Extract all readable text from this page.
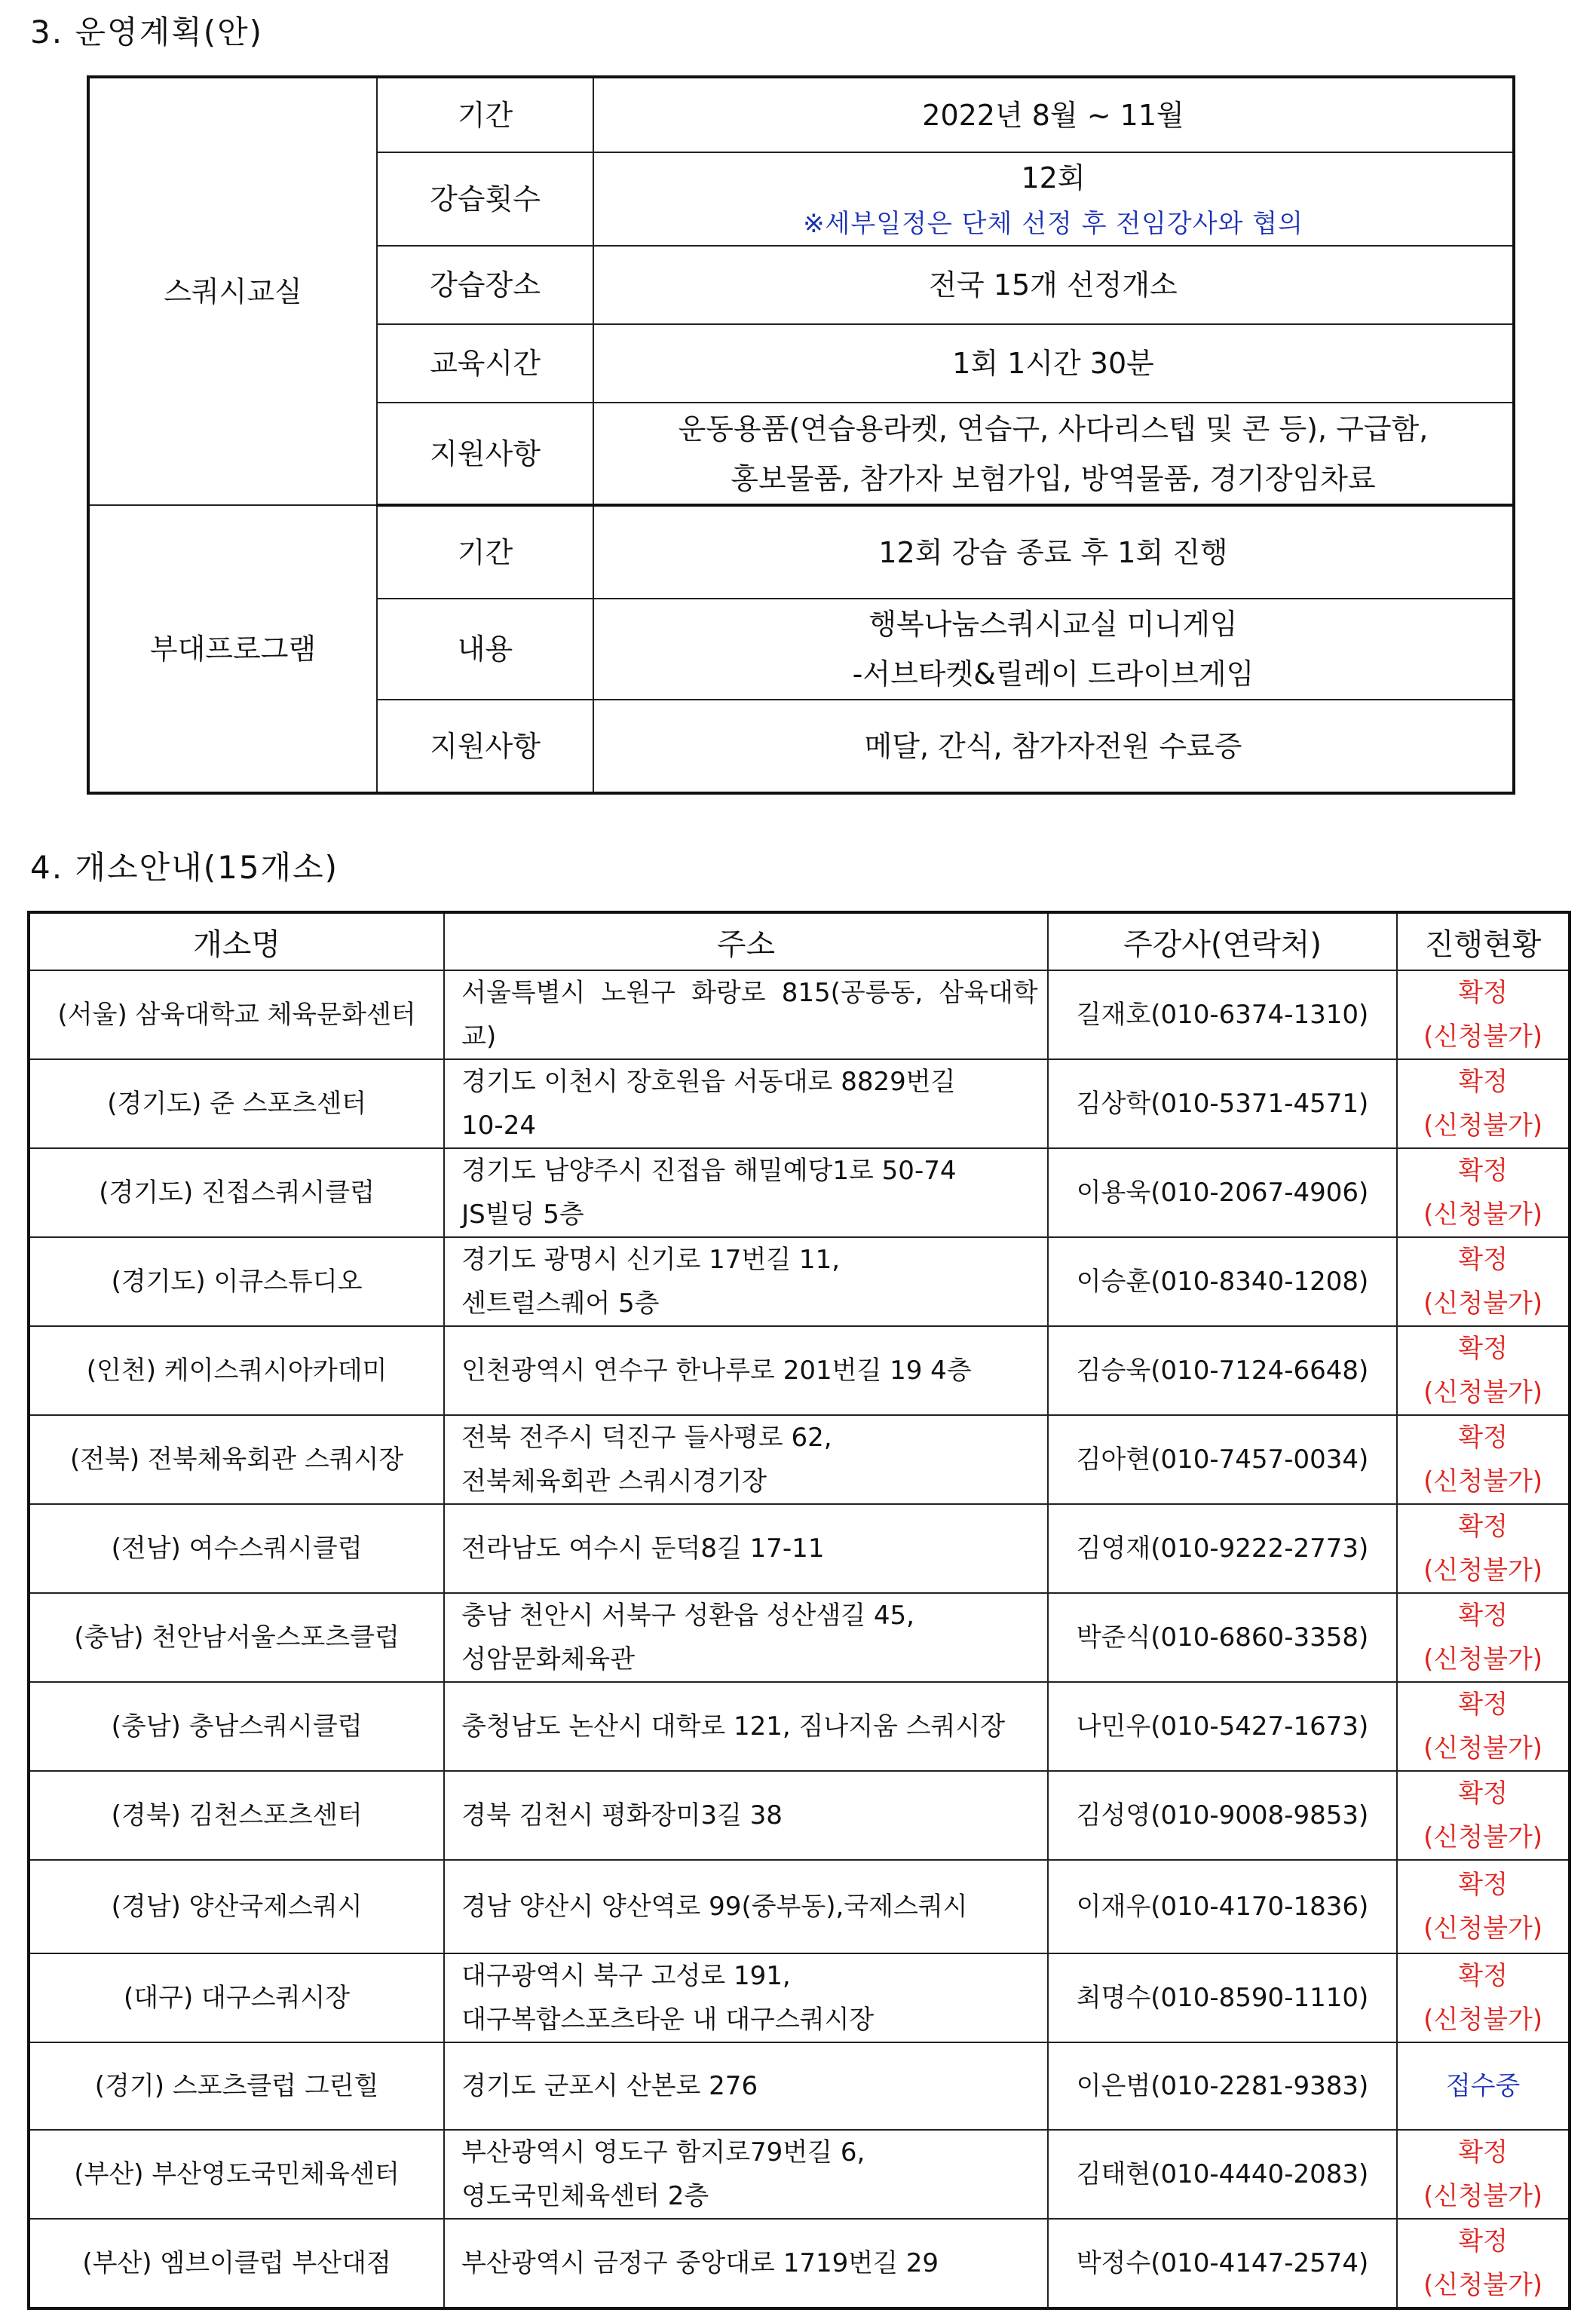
3. 운영계획(안)
스쿼시교실	기간	2022년 8월 ~ 11월

	강습횟수	12회
※세부일정은 단체 선정 후 전임강사와 협의

	강습장소	전국 15개 선정개소

	교육시간	1회 1시간 30분

	지원사항	운동용품(연습용라켓, 연습구, 사다리스텝 및 콘 등), 구급함,
홍보물품, 참가자 보험가입, 방역물품, 경기장임차료

부대프로그램	기간	12회 강습 종료 후 1회 진행

	내용	행복나눔스쿼시교실 미니게임
-서브타켓&릴레이 드라이브게임

	지원사항	메달, 간식, 참가자전원 수료증
4. 개소안내(15개소)
개소명	주소	주강사(연락처)	진행현황
(서울) 삼육대학교 체육문화센터	서울특별시 노원구 화랑로 815(공릉동, 삼육대학교)	길재호(010-6374-1310)	확정
(신청불가)

(경기도) 준 스포츠센터	경기도 이천시 장호원읍 서동대로 8829번길
10-24	김상학(010-5371-4571)	확정
(신청불가)

(경기도) 진접스쿼시클럽	경기도 남양주시 진접읍 해밀예당1로 50-74
JS빌딩 5층	이용욱(010-2067-4906)	확정
(신청불가)

(경기도) 이큐스튜디오	경기도 광명시 신기로 17번길 11,
센트럴스퀘어 5층	이승훈(010-8340-1208)	확정
(신청불가)

(인천) 케이스쿼시아카데미	인천광역시 연수구 한나루로 201번길 19 4층	김승욱(010-7124-6648)	확정
(신청불가)

(전북) 전북체육회관 스쿼시장	전북 전주시 덕진구 들사평로 62,
전북체육회관 스쿼시경기장	김아현(010-7457-0034)	확정
(신청불가)

(전남) 여수스쿼시클럽	전라남도 여수시 둔덕8길 17-11	김영재(010-9222-2773)	확정
(신청불가)

(충남) 천안남서울스포츠클럽	충남 천안시 서북구 성환읍 성산샘길 45,
성암문화체육관	박준식(010-6860-3358)	확정
(신청불가)

(충남) 충남스쿼시클럽	충청남도 논산시 대학로 121, 짐나지움 스쿼시장	나민우(010-5427-1673)	확정
(신청불가)

(경북) 김천스포츠센터	경북 김천시 평화장미3길 38	김성영(010-9008-9853)	확정
(신청불가)

(경남) 양산국제스쿼시	경남 양산시 양산역로 99(중부동),국제스쿼시	이재우(010-4170-1836)	확정
(신청불가)

(대구) 대구스쿼시장	대구광역시 북구 고성로 191,
대구복합스포츠타운 내 대구스쿼시장	최명수(010-8590-1110)	확정
(신청불가)

(경기) 스포츠클럽 그린힐	경기도 군포시 산본로 276	이은범(010-2281-9383)	접수중

(부산) 부산영도국민체육센터	부산광역시 영도구 함지로79번길 6,
영도국민체육센터 2층	김태현(010-4440-2083)	확정
(신청불가)

(부산) 엠브이클럽 부산대점	부산광역시 금정구 중앙대로 1719번길 29	박정수(010-4147-2574)	확정
(신청불가)
